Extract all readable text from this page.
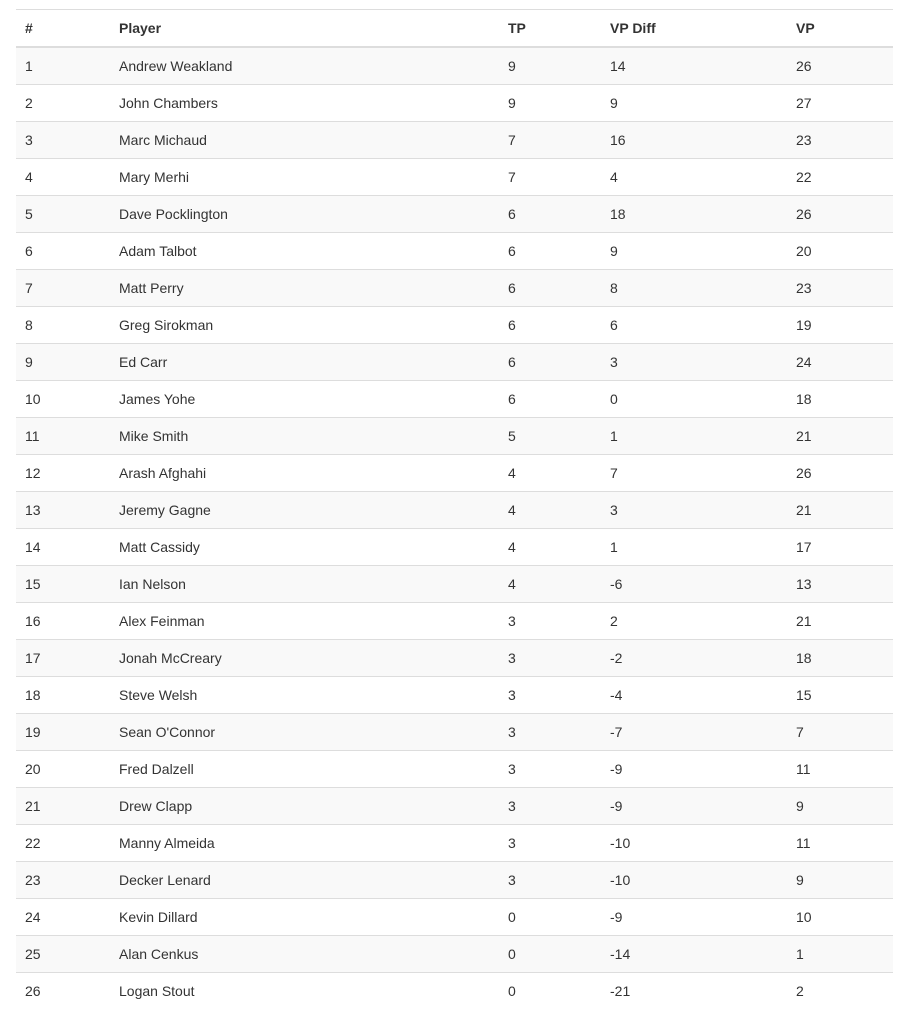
#	Player	TP	VP Diff	VP
1	Andrew Weakland	9	14	26
2	John Chambers	9	9	27
3	Marc Michaud	7	16	23
4	Mary Merhi	7	4	22
5	Dave Pocklington	6	18	26
6	Adam Talbot	6	9	20
7	Matt Perry	6	8	23
8	Greg Sirokman	6	6	19
9	Ed Carr	6	3	24
10	James Yohe	6	0	18
11	Mike Smith	5	1	21
12	Arash Afghahi	4	7	26
13	Jeremy Gagne	4	3	21
14	Matt Cassidy	4	1	17
15	Ian Nelson	4	-6	13
16	Alex Feinman	3	2	21
17	Jonah McCreary	3	-2	18
18	Steve Welsh	3	-4	15
19	Sean O'Connor	3	-7	7
20	Fred Dalzell	3	-9	11
21	Drew Clapp	3	-9	9
22	Manny Almeida	3	-10	11
23	Decker Lenard	3	-10	9
24	Kevin Dillard	0	-9	10
25	Alan Cenkus	0	-14	1
26	Logan Stout	0	-21	2
